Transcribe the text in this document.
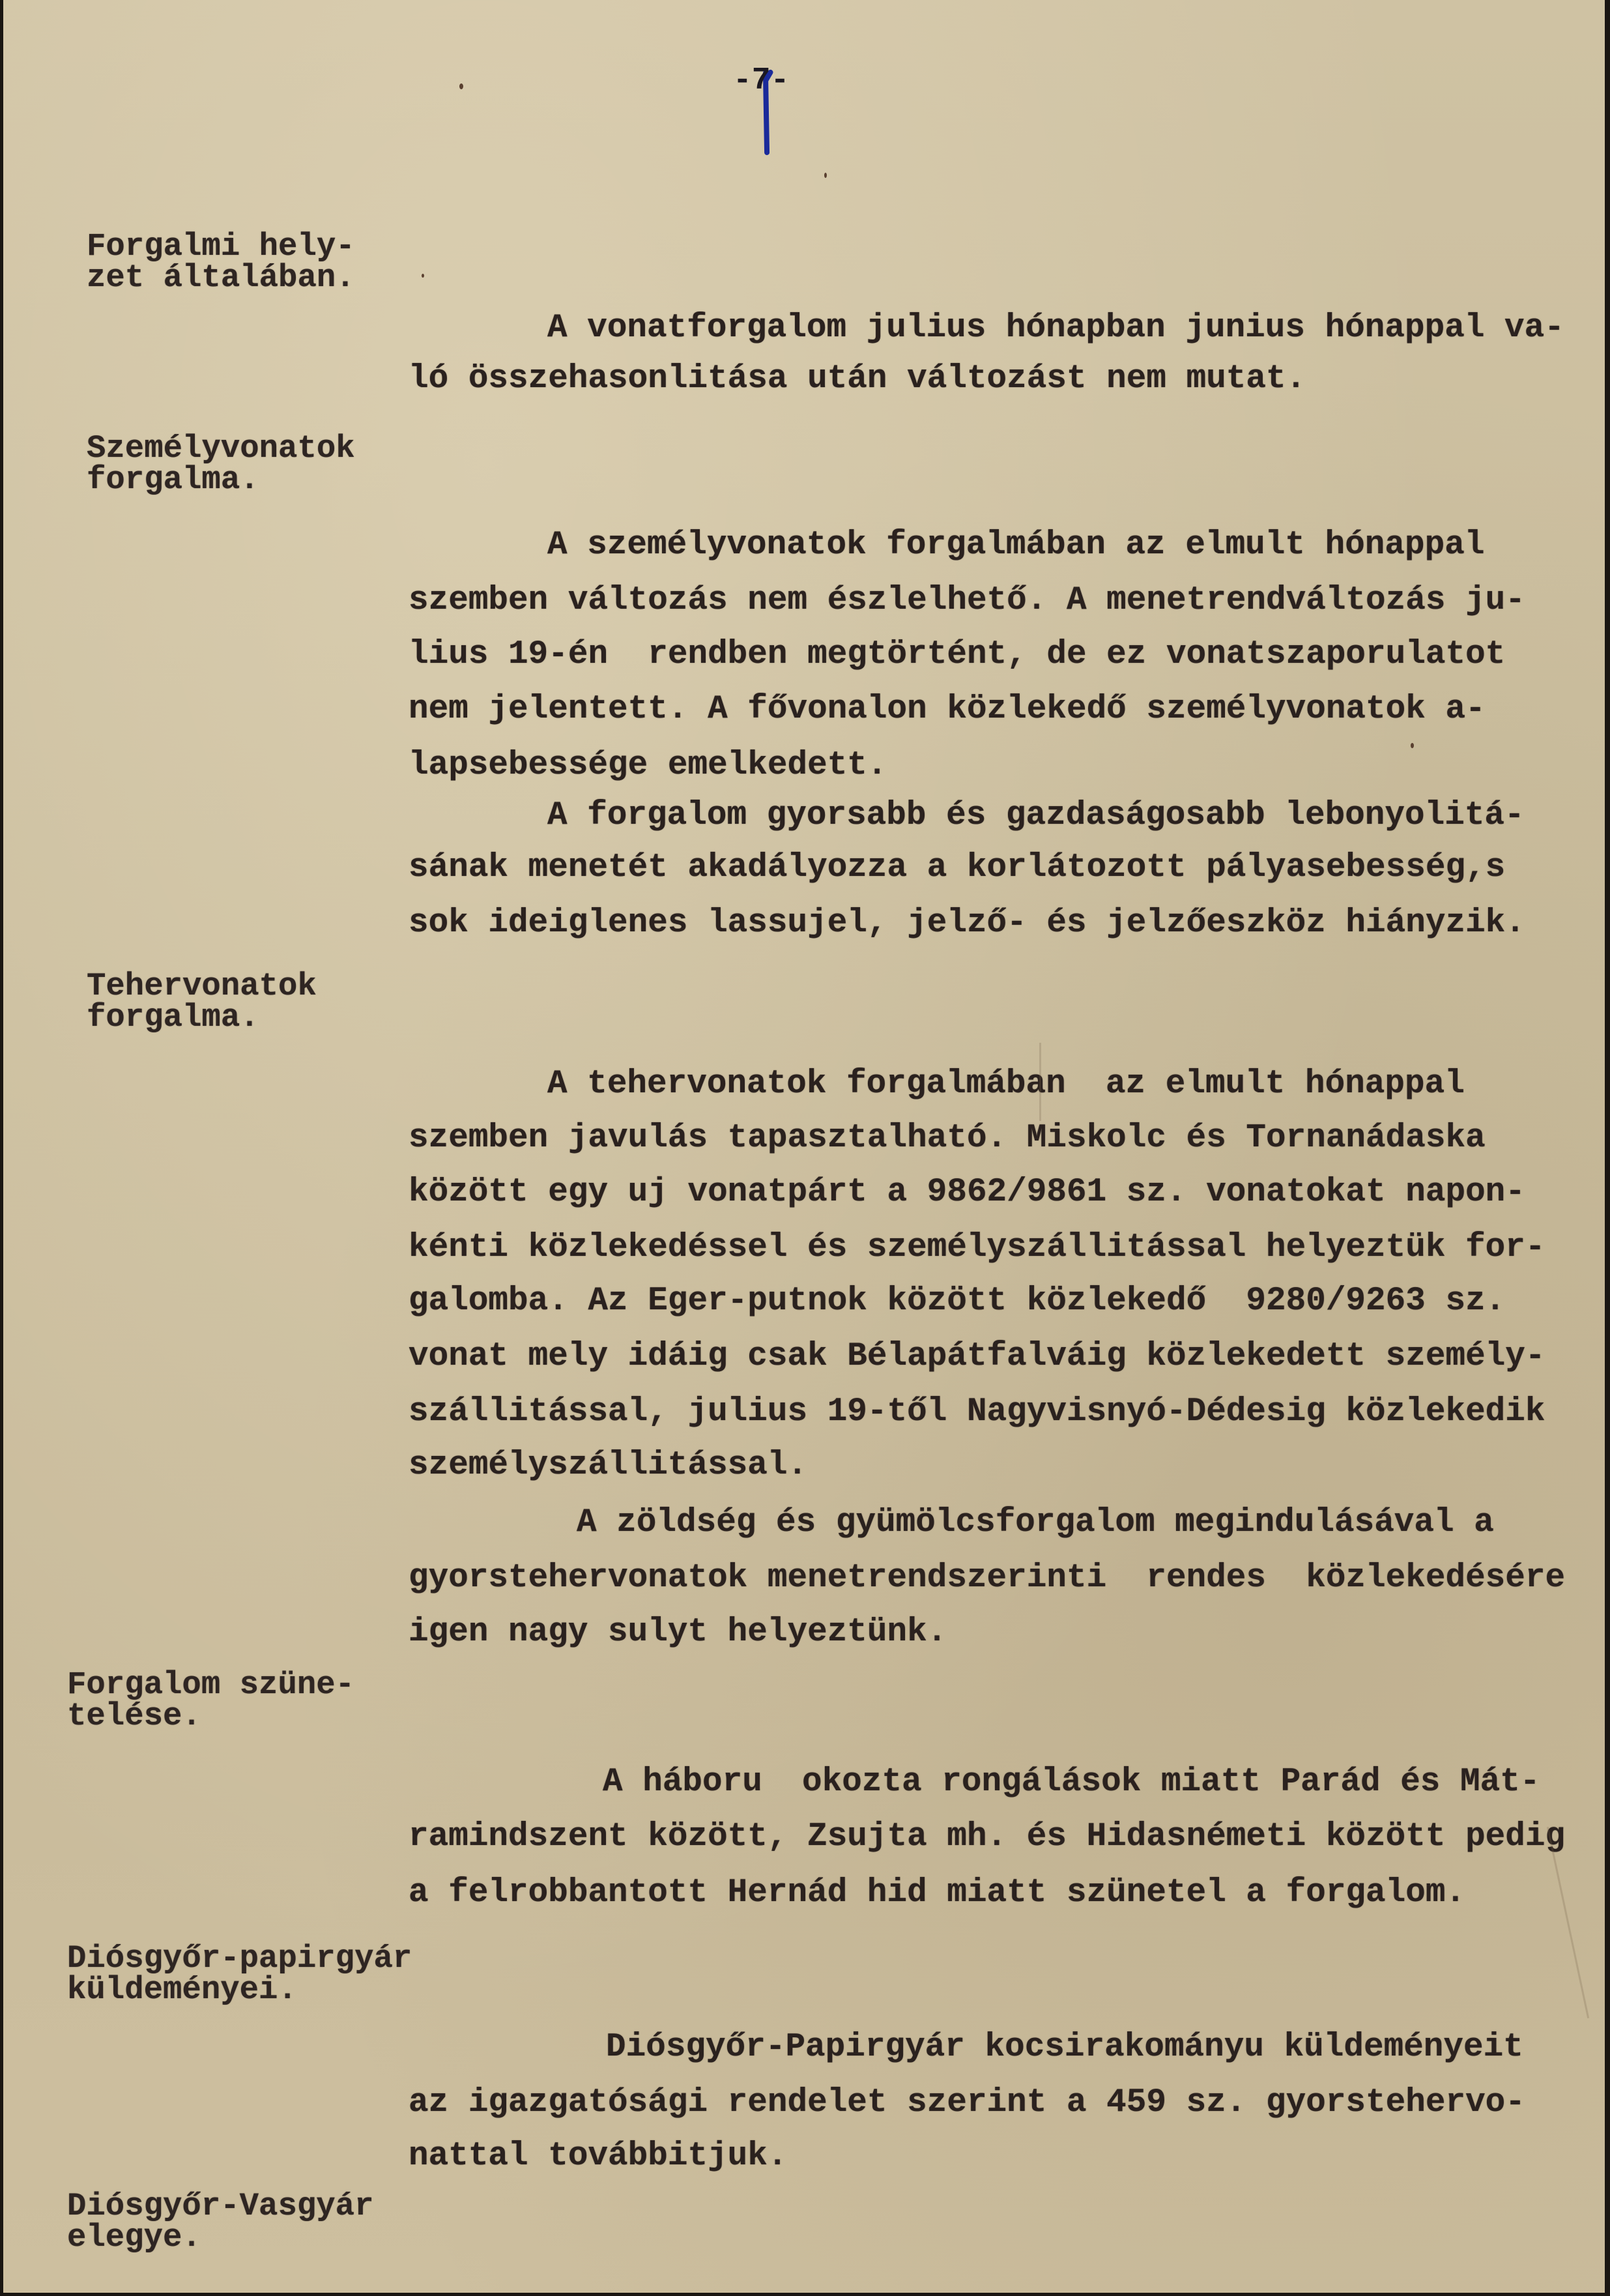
-7-
Forgalmi hely-
zet általában.
A vonatforgalom julius hónapban junius hónappal va-
ló összehasonlitása után változást nem mutat.
Személyvonatok
forgalma.
A személyvonatok forgalmában az elmult hónappal
szemben változás nem észlelhető. A menetrendváltozás ju-
lius 19-én  rendben megtörtént, de ez vonatszaporulatot
nem jelentett. A fővonalon közlekedő személyvonatok a-
lapsebessége emelkedett.
A forgalom gyorsabb és gazdaságosabb lebonyolitá-
sának menetét akadályozza a korlátozott pályasebesség,s
sok ideiglenes lassujel, jelző- és jelzőeszköz hiányzik.
Tehervonatok
forgalma.
A tehervonatok forgalmában  az elmult hónappal
szemben javulás tapasztalható. Miskolc és Tornanádaska
között egy uj vonatpárt a 9862/9861 sz. vonatokat napon-
kénti közlekedéssel és személyszállitással helyeztük for-
galomba. Az Eger-putnok között közlekedő  9280/9263 sz.
vonat mely idáig csak Bélapátfalváig közlekedett személy-
szállitással, julius 19-től Nagyvisnyó-Dédesig közlekedik
személyszállitással.
A zöldség és gyümölcsforgalom megindulásával a
gyorstehervonatok menetrendszerinti  rendes  közlekedésére
igen nagy sulyt helyeztünk.
Forgalom szüne-
telése.
A háboru  okozta rongálások miatt Parád és Mát-
ramindszent között, Zsujta mh. és Hidasnémeti között pedig
a felrobbantott Hernád hid miatt szünetel a forgalom.
Diósgyőr-papirgyár
küldeményei.
Diósgyőr-Papirgyár kocsirakományu küldeményeit
az igazgatósági rendelet szerint a 459 sz. gyorstehervo-
nattal továbbitjuk.
Diósgyőr-Vasgyár
elegye.
